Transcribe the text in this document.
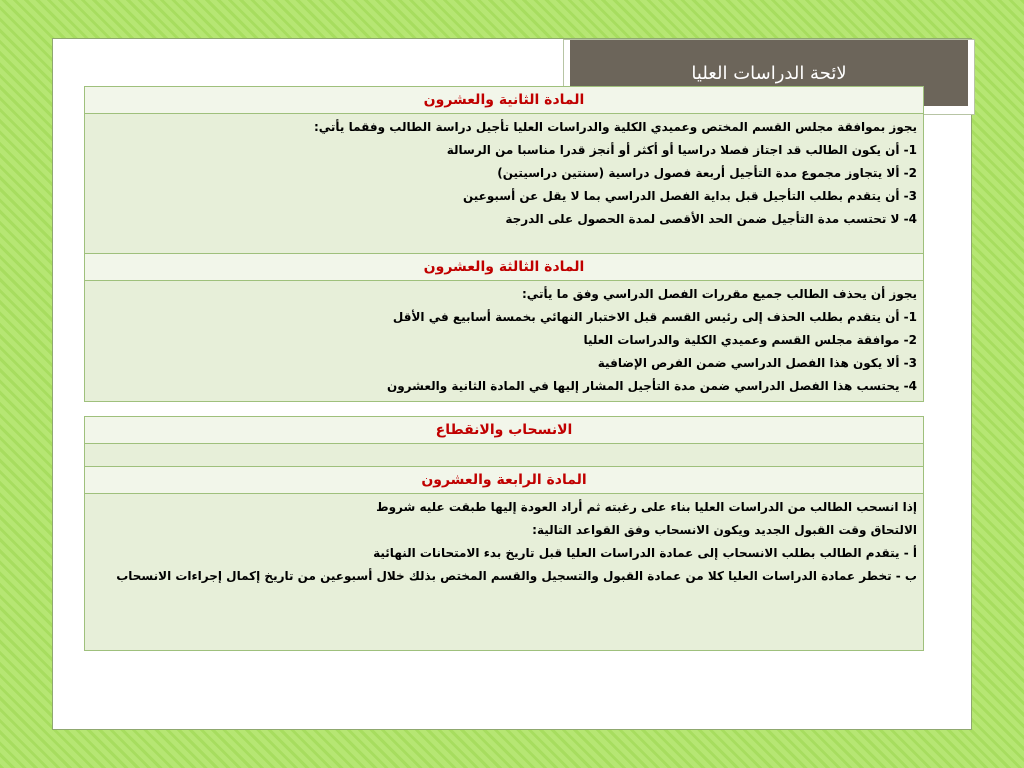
لائحة الدراسات العليا
المادة الثانية والعشرون
يجوز بموافقة مجلس القسم المختص وعميدي الكلية والدراسات العليا تأجيل دراسة الطالب وفقما يأتي:
1- أن يكون الطالب قد اجتاز فصلا دراسيا أو أكثر أو أنجز قدرا مناسبا من الرسالة
2- ألا يتجاوز مجموع مدة التأجيل أربعة فصول دراسية (سنتين دراسيتين)
3- أن يتقدم بطلب التأجيل قبل بداية الفصل الدراسي بما لا يقل عن أسبوعين
4- لا تحتسب مدة التأجيل ضمن الحد الأقصى لمدة الحصول على الدرجة
المادة الثالثة والعشرون
يجوز أن يحذف الطالب جميع مقررات الفصل الدراسي وفق ما يأتي:
1- أن يتقدم بطلب الحذف إلى رئيس القسم قبل الاختبار النهائي بخمسة أسابيع في الأقل
2- موافقة مجلس القسم وعميدي الكلية والدراسات العليا
3- ألا يكون هذا الفصل الدراسي ضمن الفرص الإضافية
4- يحتسب هذا الفصل الدراسي ضمن مدة التأجيل المشار إليها في المادة الثانية والعشرون
الانسحاب والانقطاع
المادة الرابعة والعشرون
إذا انسحب الطالب من الدراسات العليا بناء على رغبته ثم أراد العودة إليها طبقت عليه شروط
الالتحاق وقت القبول الجديد ويكون الانسحاب وفق القواعد التالية:
أ - يتقدم الطالب بطلب الانسحاب إلى عمادة الدراسات العليا قبل تاريخ بدء الامتحانات النهائية
ب - تخطر عمادة الدراسات العليا كلا من عمادة القبول والتسجيل والقسم المختص بذلك خلال أسبوعين من تاريخ إكمال إجراءات الانسحاب
